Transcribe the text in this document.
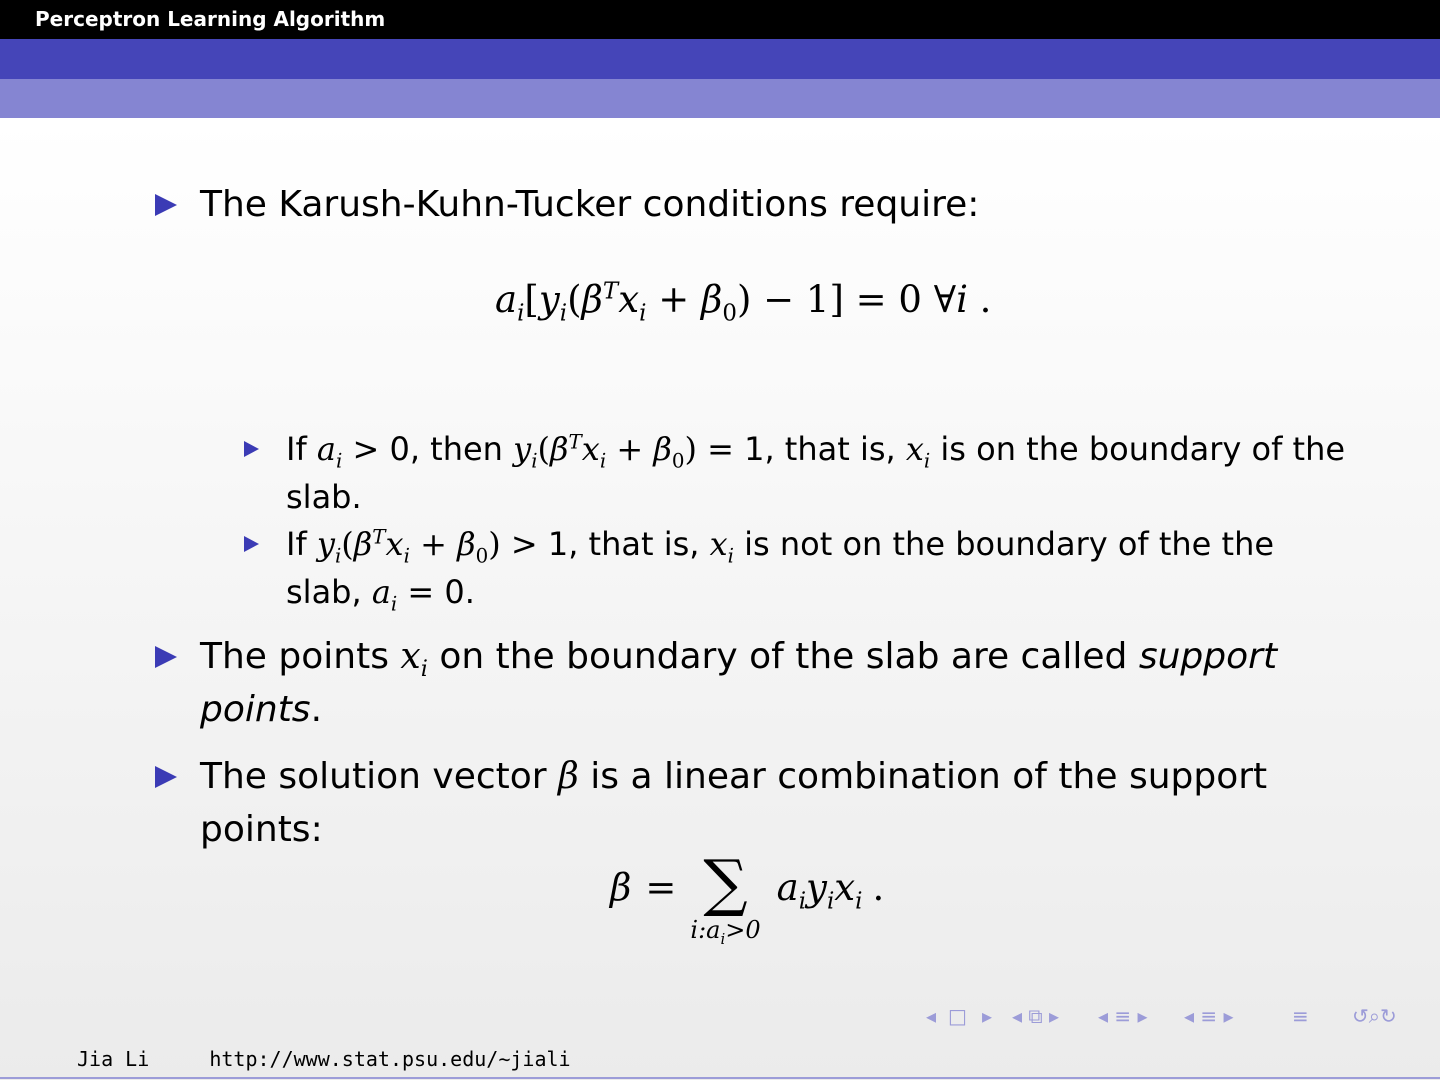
Perceptron Learning Algorithm
The Karush-Kuhn-Tucker conditions require:
$a_i[y_i(\beta^Tx_i + \beta_0) - 1] = 0$ ∀i .
If $a_i > 0$, then $y_i(\beta^Tx_i + \beta_0) = 1$, that is, $x_i$ is on the boundary of the slab.
If $y_i(\beta^Tx_i + \beta_0) > 1$, that is, $x_i$ is not on the boundary of the the slab, $a_i = 0$.
The points $x_i$ on the boundary of the slab are called support points.
The solution vector β is a linear combination of the support points:
β = ∑
$i:a_i>0$
$a_iy_ix_i$ .
◂ □ ▸ ◂ ⧉ ▸ ◂ ≡ ▸ ◂ ≡ ▸	≡ ↺⌕↻
Jia Li	http://www.stat.psu.edu/∼jiali
